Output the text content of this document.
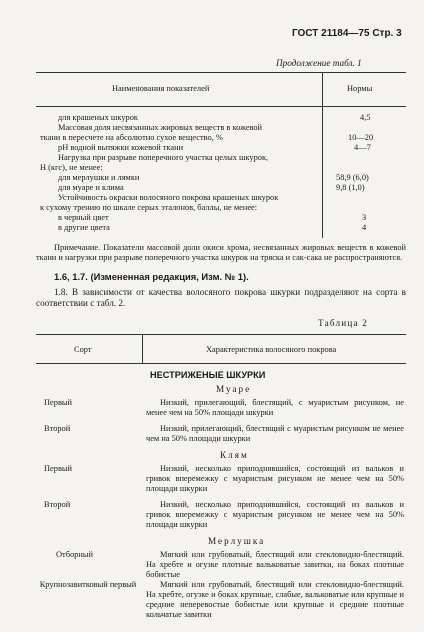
ГОСТ 21184—75 Стр. 3
Продолжение табл. 1
Наименования показателей	Нормы
для крашеных шкурок	4,5
Массовая доля несвязанных жировых веществ в кожевой
ткани в пересчете на абсолютно сухое вещество, %	10—20
pH водной вытяжки кожевой ткани	4—7
Нагрузка при разрыве поперечного участка целых шкурок,
Н (кгс), не менее:
для мерлушки и лямки	58,9 (6,0)
для муаре и клима	9,8 (1,0)
Устойчивость окраски волосяного покрова крашеных шкурок
к сухому трению по шкале серых эталонов, баллы, не менее:
в черный цвет	3
в другие цвета	4
Примечание. Показатели массовой доли окиси хрома, несвязанных жировых веществ в кожевой ткани и нагрузки при разрыве поперечного участка шкурок на тряска и сак-сака не распространяются.
1.6, 1.7. (Измененная редакция, Изм. № 1).
1.8. В зависимости от качества волосяного покрова шкурки подразделяют на сорта в соответствии с табл. 2.
Таблица 2
Сорт	Характеристика волосяного покрова
НЕСТРИЖЕНЫЕ ШКУРКИ
Муаре
Первый	Низкий, прилегающий, блестящий, с муаристым рисунком, не менее чем на 50% площади шкурки
Второй	Низкий, прилегающий, блестящий с муаристым рисунком не менее чем на 50% площади шкурки
Клям
Первый	Низкий, несколько приподнявшийся, состоящий из вальков и гривок вперемежку с муаристым рисунком не менее чем на 50% площади шкурки
Второй	Низкий, несколько приподнявшийся, состоящий из вальков и гривок вперемежку с муаристым рисунком не менее чем на 50% площади шкурки
Мерлушка
Отборный	Мягкий или грубоватый, блестящий или стекловидно-блестящий. На хребте и огузке плотные вальковатые завитки, на боках плотные бобистые
Крупнозавитковый первый	Мягкий или грубоватый, блестящий или стекловидно-блестящий. На хребте, огузке и боках крупные, слабые, вальковатые или крупные и средние неперевостые бобистые или крупные и средние плотные кольчатые завитки
